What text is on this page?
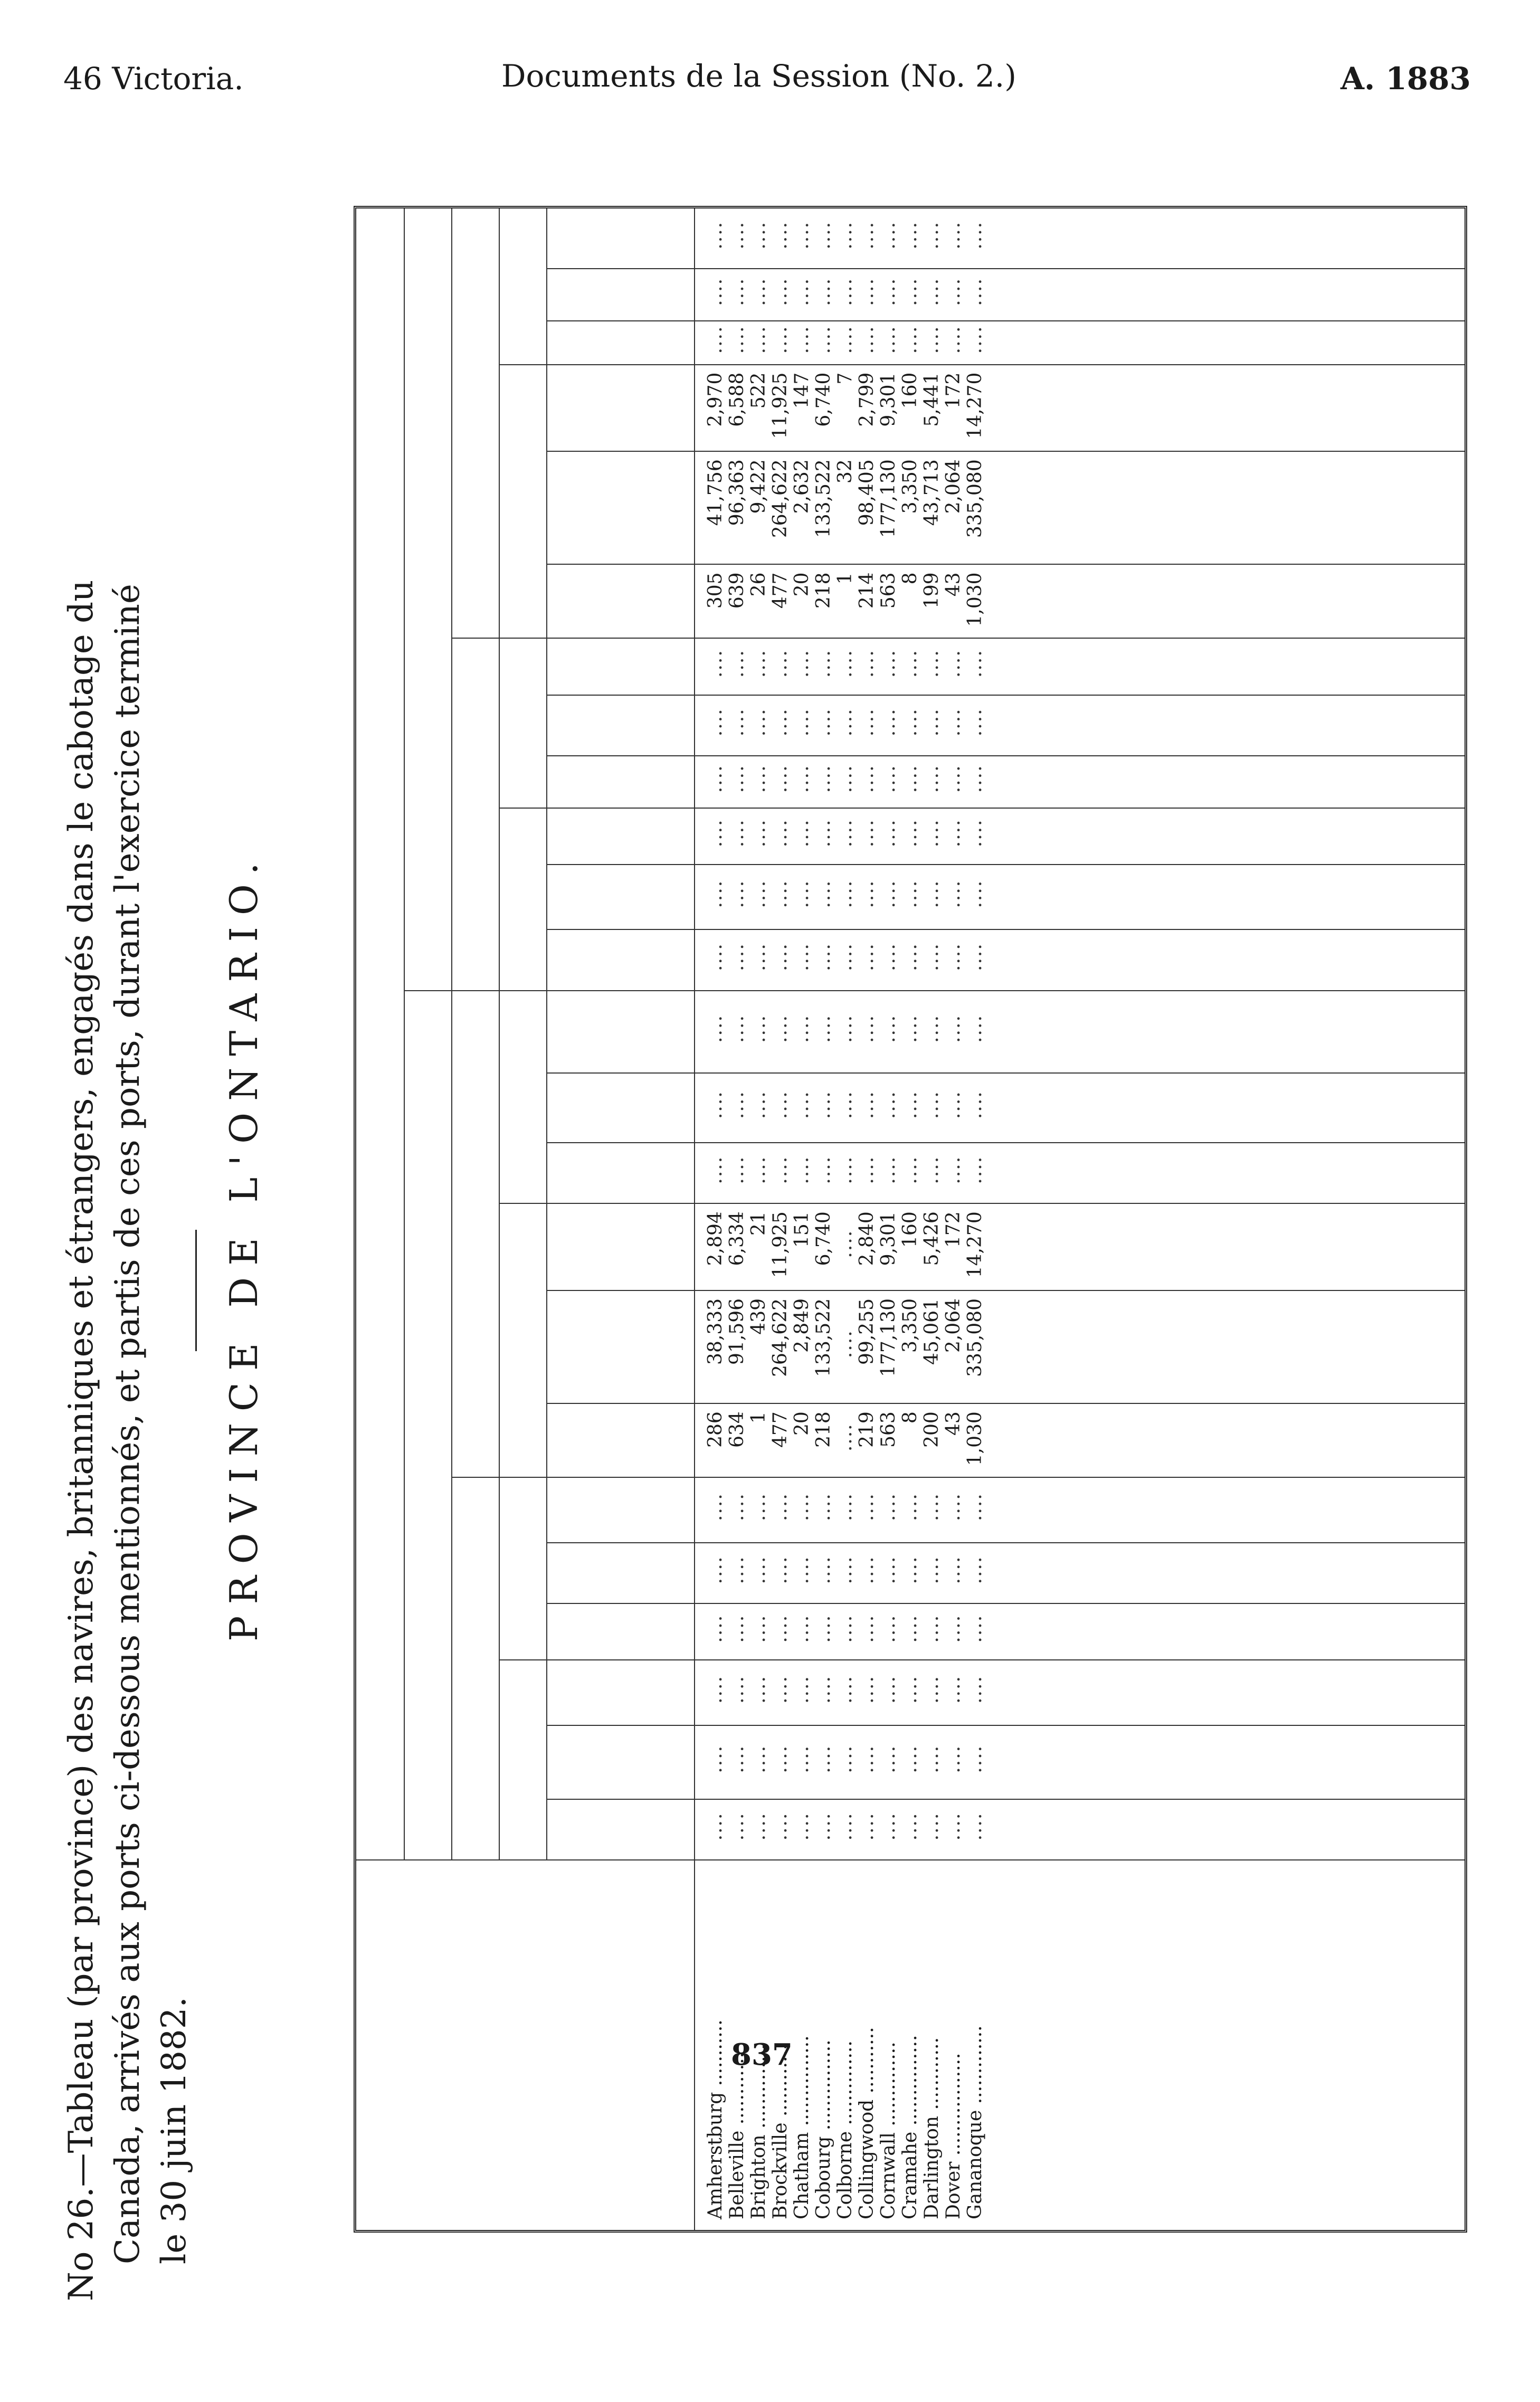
46 Victoria.	Documents de la Session (No. 2.)	A. 1883
No 26.—Tableau (par province) des navires, britanniques et étrangers, engagés dans le cabotage du Canada, arrivés aux ports ci-dessous mentionnés, et partis de ces ports, durant l'exercice terminé le 30 juin 1882.
PROVINCE DE L'ONTARIO.
Amherstburg ...........
....
....
....
....
....
....
286
38,333
2,894
....
....
....
....
....
....
....
....
....
305
41,756
2,970
....
....
....
Belleville ............
....
....
....
....
....
....
634
91,596
6,334
....
....
....
....
....
....
....
....
....
639
96,363
6,588
....
....
....
Brighton ..............
....
....
....
....
....
....
1
439
21
....
....
....
....
....
....
....
....
....
26
9,422
522
....
....
....
Brockville ............
....
....
....
....
....
....
477
264,622
11,925
....
....
....
....
....
....
....
....
....
477
264,622
11,925
....
....
....
Chatham ...............
....
....
....
....
....
....
20
2,849
151
....
....
....
....
....
....
....
....
....
20
2,632
147
....
....
....
Cobourg ...............
....
....
....
....
....
....
218
133,522
6,740
....
....
....
....
....
....
....
....
....
218
133,522
6,740
....
....
....
Colborne ..............
....
....
....
....
....
....
....
....
....
....
....
....
....
....
....
....
....
....
1
32
7
....
....
....
Collingwood ...........
....
....
....
....
....
....
219
99,255
2,840
....
....
....
....
....
....
....
....
....
214
98,405
2,799
....
....
....
Cornwall ..............
....
....
....
....
....
....
563
177,130
9,301
....
....
....
....
....
....
....
....
....
563
177,130
9,301
....
....
....
Cramahe ...............
....
....
....
....
....
....
8
3,350
160
....
....
....
....
....
....
....
....
....
8
3,350
160
....
....
....
Darlington ............
....
....
....
....
....
....
200
45,061
5,426
....
....
....
....
....
....
....
....
....
199
43,713
5,441
....
....
....
Dover .................
....
....
....
....
....
....
43
2,064
172
....
....
....
....
....
....
....
....
....
43
2,064
172
....
....
....
Gananoque .............
....
....
....
....
....
....
1,030
335,080
14,270
....
....
....
....
....
....
....
....
....
1,030
335,080
14,270
....
....
....
837
